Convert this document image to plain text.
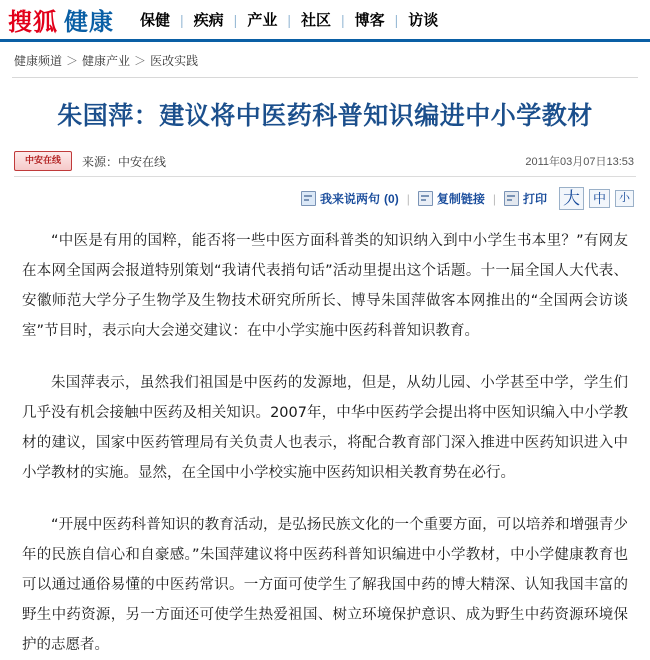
搜狐 健康	保健 | 疾病 | 产业 | 社区 | 博客 | 访谈
健康频道 ＞ 健康产业 ＞ 医改实践
朱国萍：建议将中医药科普知识编进中小学教材
中安在线	来源：中安在线	2011年03月07日13:53
我来说两句 (0) | 复制链接 | 打印 大	中	小

“中医是有用的国粹，能否将一些中医方面科普类的知识纳入到中小学生书本里？”有网友在本网全国两会报道特别策划“我请代表捎句话”活动里提出这个话题。十一届全国人大代表、安徽师范大学分子生物学及生物技术研究所所长、博导朱国萍做客本网推出的“全国两会访谈室”节目时，表示向大会递交建议：在中小学实施中医药科普知识教育。

朱国萍表示，虽然我们祖国是中医药的发源地，但是，从幼儿园、小学甚至中学，学生们几乎没有机会接触中医药及相关知识。2007年，中华中医药学会提出将中医知识编入中小学教材的建议，国家中医药管理局有关负责人也表示，将配合教育部门深入推进中医药知识进入中小学教材的实施。显然，在全国中小学校实施中医药知识相关教育势在必行。

“开展中医药科普知识的教育活动，是弘扬民族文化的一个重要方面，可以培养和增强青少年的民族自信心和自豪感。”朱国萍建议将中医药科普知识编进中小学教材，中小学健康教育也可以通过通俗易懂的中医药常识。一方面可使学生了解我国中药的博大精深、认知我国丰富的野生中药资源，另一方面还可使学生热爱祖国、树立环境保护意识、成为野生中药资源环境保护的志愿者。
